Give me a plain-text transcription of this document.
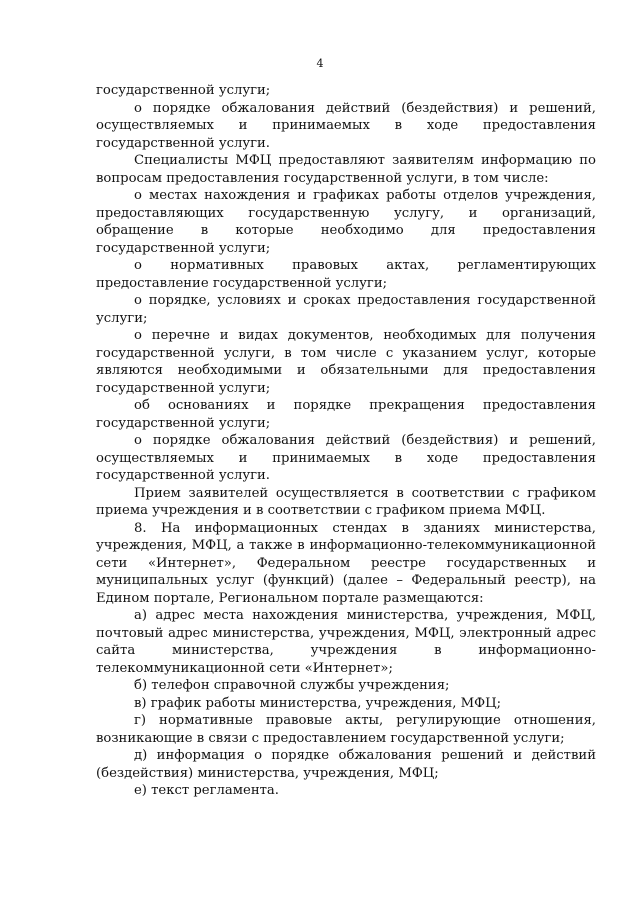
4

государственной услуги;

о порядке обжалования действий (бездействия) и решений, осуществляемых и принимаемых в ходе предоставления государственной услуги.

Специалисты МФЦ предоставляют заявителям информацию по вопросам предоставления государственной услуги, в том числе:

о местах нахождения и графиках работы отделов учреждения, предоставляющих государственную услугу, и организаций, обращение в которые необходимо для предоставления государственной услуги;

о нормативных правовых актах, регламентирующих предоставление государственной услуги;

о порядке, условиях и сроках предоставления государственной услуги;

о перечне и видах документов, необходимых для получения государственной услуги, в том числе с указанием услуг, которые являются необходимыми и обязательными для предоставления государственной услуги;

об основаниях и порядке прекращения предоставления государственной услуги;

о порядке обжалования действий (бездействия) и решений, осуществляемых и принимаемых в ходе предоставления государственной услуги.

Прием заявителей осуществляется в соответствии с графиком приема учреждения и в соответствии с графиком приема МФЦ.

8. На информационных стендах в зданиях министерства, учреждения, МФЦ, а также в информационно-телекоммуникационной сети «Интернет», Федеральном реестре государственных и муниципальных услуг (функций) (далее – Федеральный реестр), на Едином портале, Региональном портале размещаются:

а) адрес места нахождения министерства, учреждения, МФЦ, почтовый адрес министерства, учреждения, МФЦ, электронный адрес сайта министерства, учреждения в информационно-телекоммуникационной сети «Интернет»;

б) телефон справочной службы учреждения;

в) график работы министерства, учреждения, МФЦ;

г) нормативные правовые акты, регулирующие отношения, возникающие в связи с предоставлением государственной услуги;

д) информация о порядке обжалования решений и действий (бездействия) министерства, учреждения, МФЦ;

е) текст регламента.
